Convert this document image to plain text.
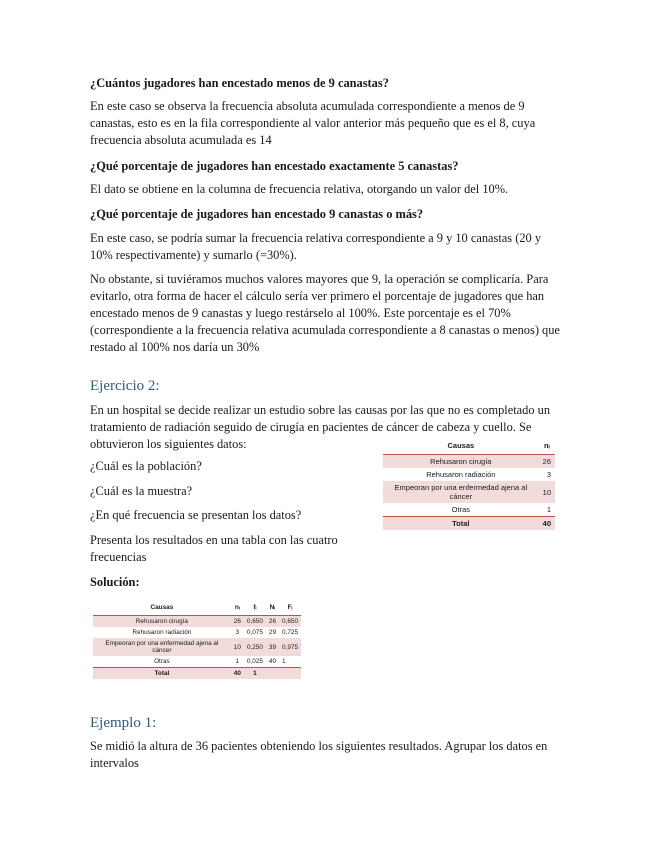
¿Cuántos jugadores han encestado menos de 9 canastas?
En este caso se observa la frecuencia absoluta acumulada correspondiente a menos de 9 canastas, esto es en la fila correspondiente al valor anterior más pequeño que es el 8, cuya frecuencia absoluta acumulada es 14
¿Qué porcentaje de jugadores han encestado exactamente 5 canastas?
El dato se obtiene en la columna de frecuencia relativa, otorgando un valor del 10%.
¿Qué porcentaje de jugadores han encestado 9 canastas o más?
En este caso, se podría sumar la frecuencia relativa correspondiente a 9 y 10 canastas (20 y 10% respectivamente) y sumarlo (=30%).
No obstante, si tuviéramos muchos valores mayores que 9, la operación se complicaría. Para evitarlo, otra forma de hacer el cálculo sería ver primero el porcentaje de jugadores que han encestado menos de 9 canastas y luego restárselo al 100%. Este porcentaje es el 70% (correspondiente a la frecuencia relativa acumulada correspondiente a 8 canastas o menos) que restado al 100% nos daría un 30%
Ejercicio 2:
En un hospital se decide realizar un estudio sobre las causas por las que no es completado un tratamiento de radiación seguido de cirugía en pacientes de cáncer de cabeza y cuello. Se obtuvieron los siguientes datos:
¿Cuál es la población?
¿Cuál es la muestra?
¿En qué frecuencia se presentan los datos?
Presenta los resultados en una tabla con las cuatro frecuencias
Solución:
Causas	nᵢ
Rehusaron cirugía	26
Rehusaron radiación	3
Empeoran por una enfermedad ajena al cáncer	10
Otras	1
Total	40
Causas	nᵢ	fᵢ	Nᵢ	Fᵢ
Rehusaron cirugía	26	0,650	26	0,650
Rehusaron radiación	3	0,075	29	0,725
Empeoran por una enfermedad ajena al cáncer	10	0,250	39	0,975
Otras	1	0,025	40	1
Total	40	1		
Ejemplo 1:
Se midió la altura de 36 pacientes obteniendo los siguientes resultados. Agrupar los datos en intervalos
